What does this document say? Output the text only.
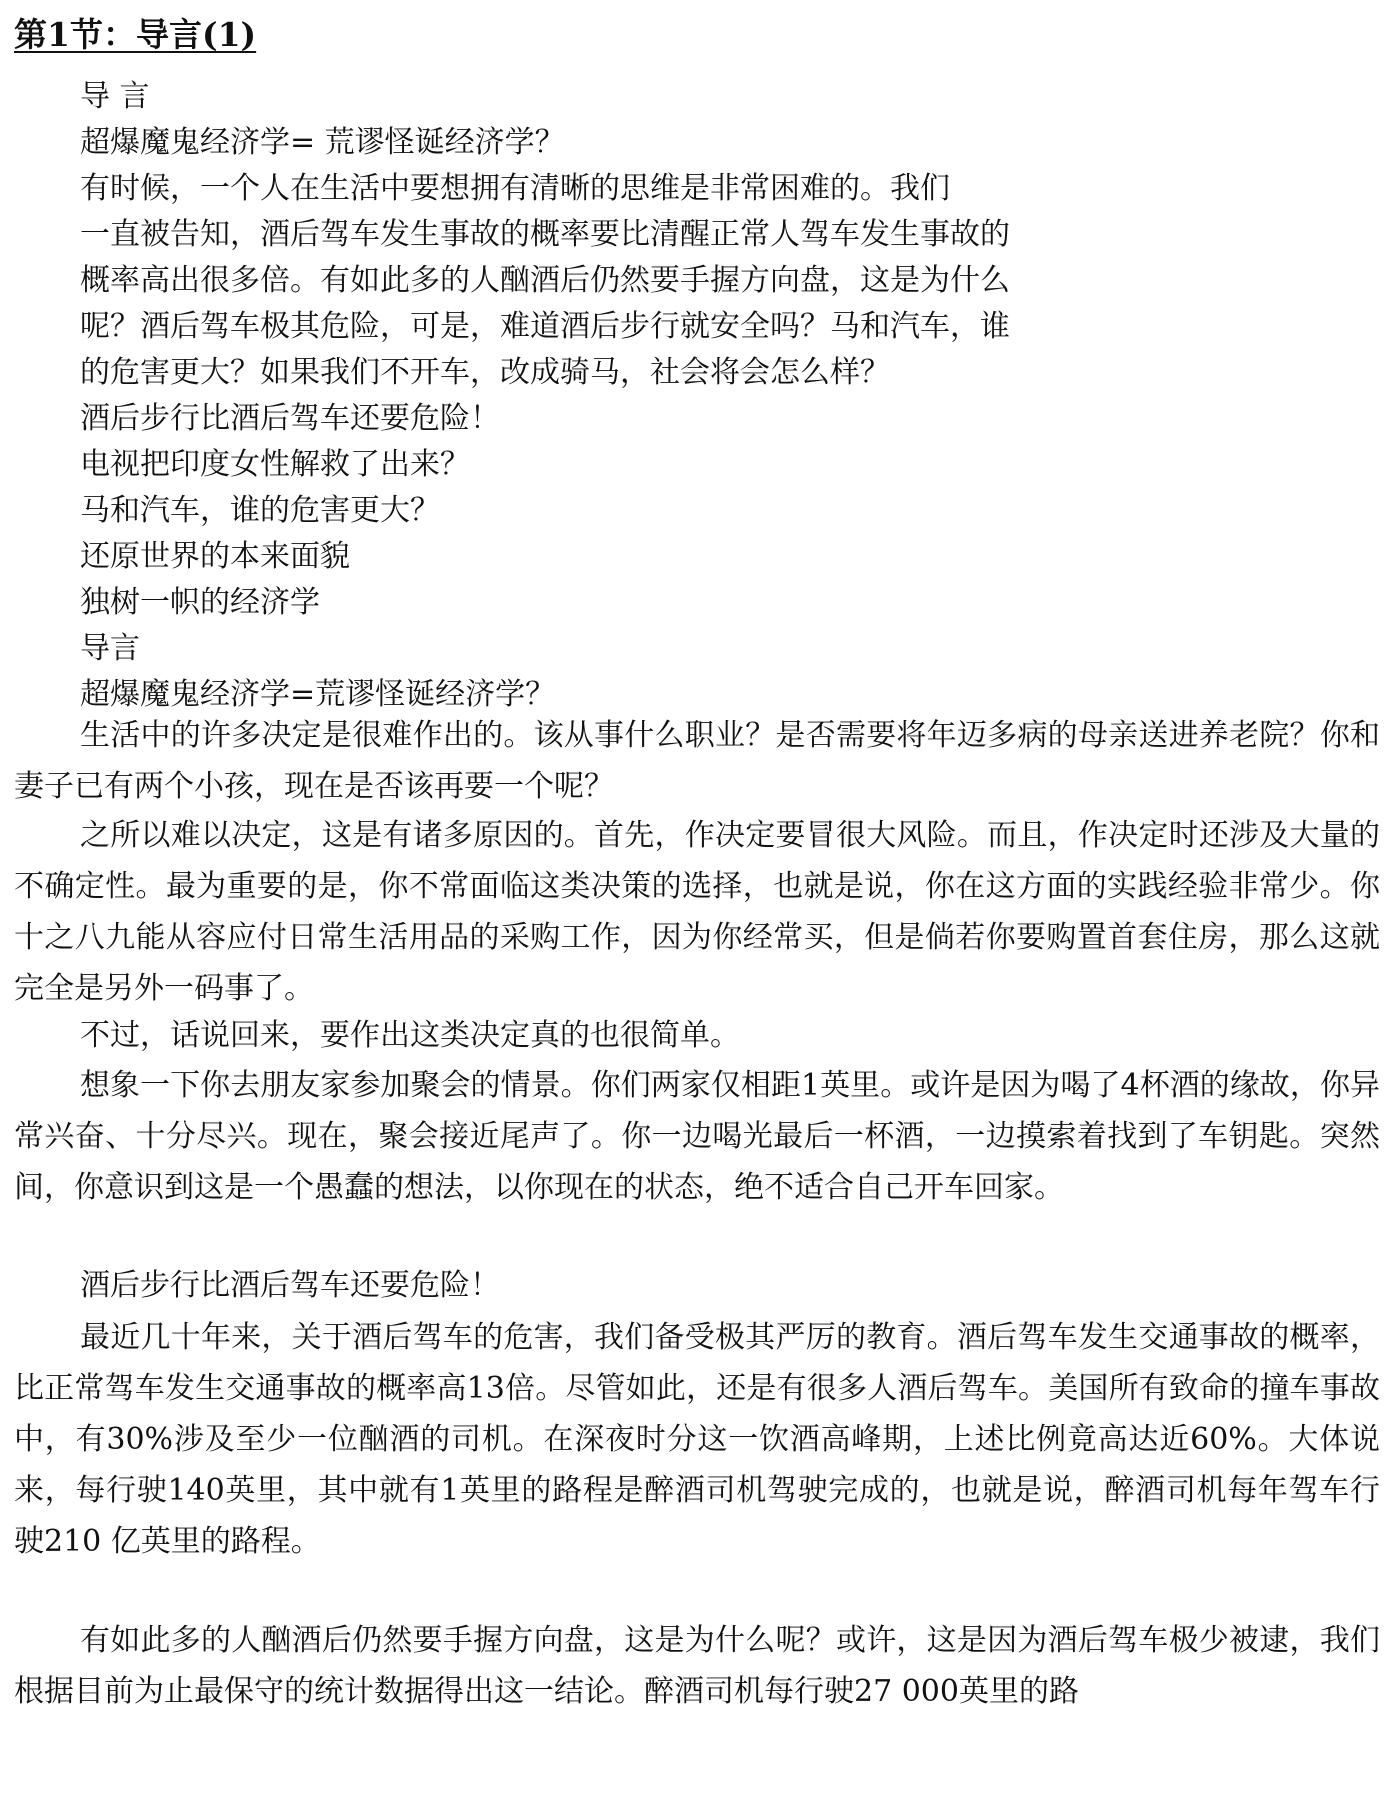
第1节：导言(1)
导 言
超爆魔鬼经济学= 荒谬怪诞经济学？
有时候，一个人在生活中要想拥有清晰的思维是非常困难的。我们
一直被告知，酒后驾车发生事故的概率要比清醒正常人驾车发生事故的
概率高出很多倍。有如此多的人酗酒后仍然要手握方向盘，这是为什么
呢？酒后驾车极其危险，可是，难道酒后步行就安全吗？马和汽车，谁
的危害更大？如果我们不开车，改成骑马，社会将会怎么样？
酒后步行比酒后驾车还要危险！
电视把印度女性解救了出来？
马和汽车，谁的危害更大？
还原世界的本来面貌
独树一帜的经济学
导言
超爆魔鬼经济学=荒谬怪诞经济学？

生活中的许多决定是很难作出的。该从事什么职业？是否需要将年迈多病的母亲送进养老院？你和妻子已有两个小孩，现在是否该再要一个呢？

之所以难以决定，这是有诸多原因的。首先，作决定要冒很大风险。而且，作决定时还涉及大量的不确定性。最为重要的是，你不常面临这类决策的选择，也就是说，你在这方面的实践经验非常少。你十之八九能从容应付日常生活用品的采购工作，因为你经常买，但是倘若你要购置首套住房，那么这就完全是另外一码事了。

不过，话说回来，要作出这类决定真的也很简单。

想象一下你去朋友家参加聚会的情景。你们两家仅相距1英里。或许是因为喝了4杯酒的缘故，你异常兴奋、十分尽兴。现在，聚会接近尾声了。你一边喝光最后一杯酒，一边摸索着找到了车钥匙。突然间，你意识到这是一个愚蠢的想法，以你现在的状态，绝不适合自己开车回家。

酒后步行比酒后驾车还要危险！

最近几十年来，关于酒后驾车的危害，我们备受极其严厉的教育。酒后驾车发生交通事故的概率，比正常驾车发生交通事故的概率高13倍。尽管如此，还是有很多人酒后驾车。美国所有致命的撞车事故中，有30%涉及至少一位酗酒的司机。在深夜时分这一饮酒高峰期，上述比例竟高达近60%。大体说来，每行驶140英里，其中就有1英里的路程是醉酒司机驾驶完成的，也就是说，醉酒司机每年驾车行驶210 亿英里的路程。

有如此多的人酗酒后仍然要手握方向盘，这是为什么呢？或许，这是因为酒后驾车极少被逮，我们根据目前为止最保守的统计数据得出这一结论。醉酒司机每行驶27 000英里的路
